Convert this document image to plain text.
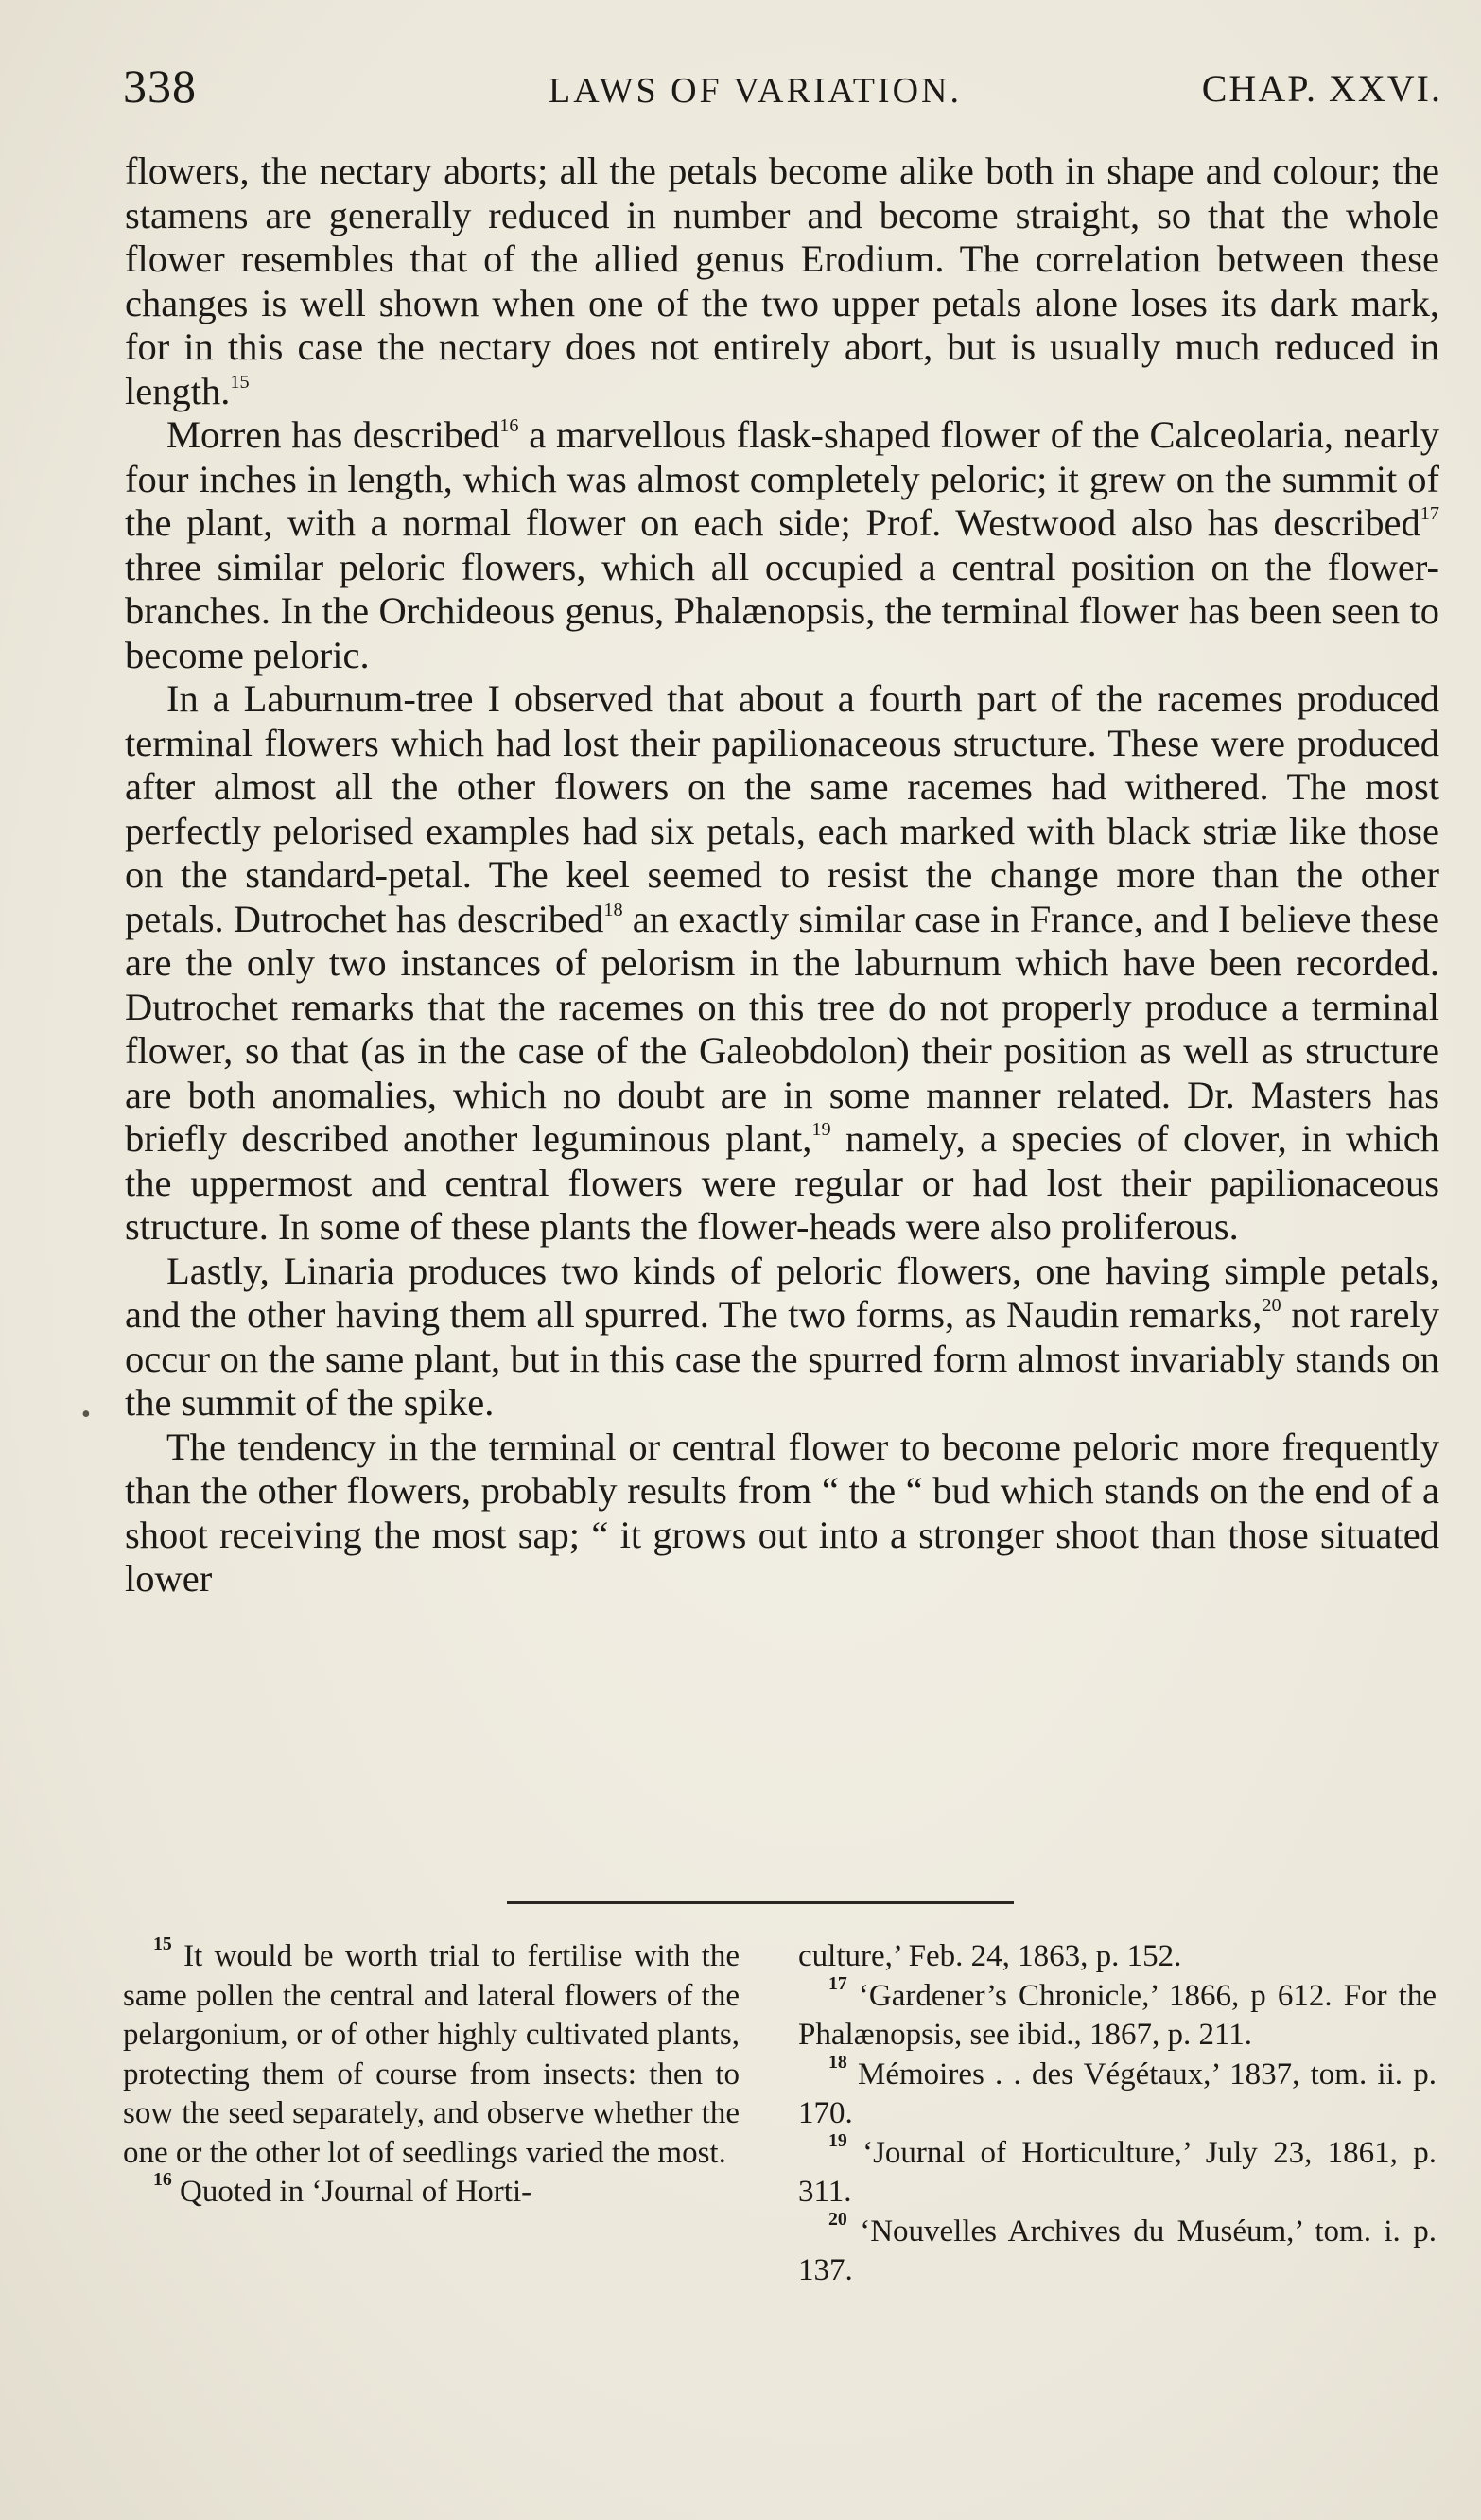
338	LAWS OF VARIATION.	CHAP. XXVI.

flowers, the nectary aborts; all the petals become alike both in shape and colour; the stamens are generally reduced in number and become straight, so that the whole flower resembles that of the allied genus Erodium. The correlation between these changes is well shown when one of the two upper petals alone loses its dark mark, for in this case the nectary does not entirely abort, but is usually much reduced in length.$^{15}$

Morren has described$^{16}$ a marvellous flask-shaped flower of the Calceolaria, nearly four inches in length, which was almost completely peloric; it grew on the summit of the plant, with a normal flower on each side; Prof. Westwood also has described$^{17}$ three similar peloric flowers, which all occupied a central position on the flower-branches. In the Orchideous genus, Phalænopsis, the terminal flower has been seen to become peloric.

In a Laburnum-tree I observed that about a fourth part of the racemes produced terminal flowers which had lost their papilionaceous structure. These were produced after almost all the other flowers on the same racemes had withered. The most perfectly pelorised examples had six petals, each marked with black striæ like those on the standard-petal. The keel seemed to resist the change more than the other petals. Dutrochet has described$^{18}$ an exactly similar case in France, and I believe these are the only two instances of pelorism in the laburnum which have been recorded. Dutrochet remarks that the racemes on this tree do not properly produce a terminal flower, so that (as in the case of the Galeobdolon) their position as well as structure are both anomalies, which no doubt are in some manner related. Dr. Masters has briefly described another leguminous plant,$^{19}$ namely, a species of clover, in which the uppermost and central flowers were regular or had lost their papilionaceous structure. In some of these plants the flower-heads were also proliferous.

Lastly, Linaria produces two kinds of peloric flowers, one having simple petals, and the other having them all spurred. The two forms, as Naudin remarks,$^{20}$ not rarely occur on the same plant, but in this case the spurred form almost invariably stands on the summit of the spike.

The tendency in the terminal or central flower to become peloric more frequently than the other flowers, probably results from “ the “ bud which stands on the end of a shoot receiving the most sap; “ it grows out into a stronger shoot than those situated lower

•

$^{15}$ It would be worth trial to fertilise with the same pollen the central and lateral flowers of the pelargonium, or of other highly cultivated plants, protecting them of course from insects: then to sow the seed separately, and observe whether the one or the other lot of seedlings varied the most.

$^{16}$ Quoted in ‘Journal of Horti-

culture,’ Feb. 24, 1863, p. 152.

$^{17}$ ‘Gardener’s Chronicle,’ 1866, p 612. For the Phalænopsis, see ibid., 1867, p. 211.

$^{18}$ Mémoires . . des Végétaux,’ 1837, tom. ii. p. 170.

$^{19}$ ‘Journal of Horticulture,’ July 23, 1861, p. 311.

$^{20}$ ‘Nouvelles Archives du Muséum,’ tom. i. p. 137.
